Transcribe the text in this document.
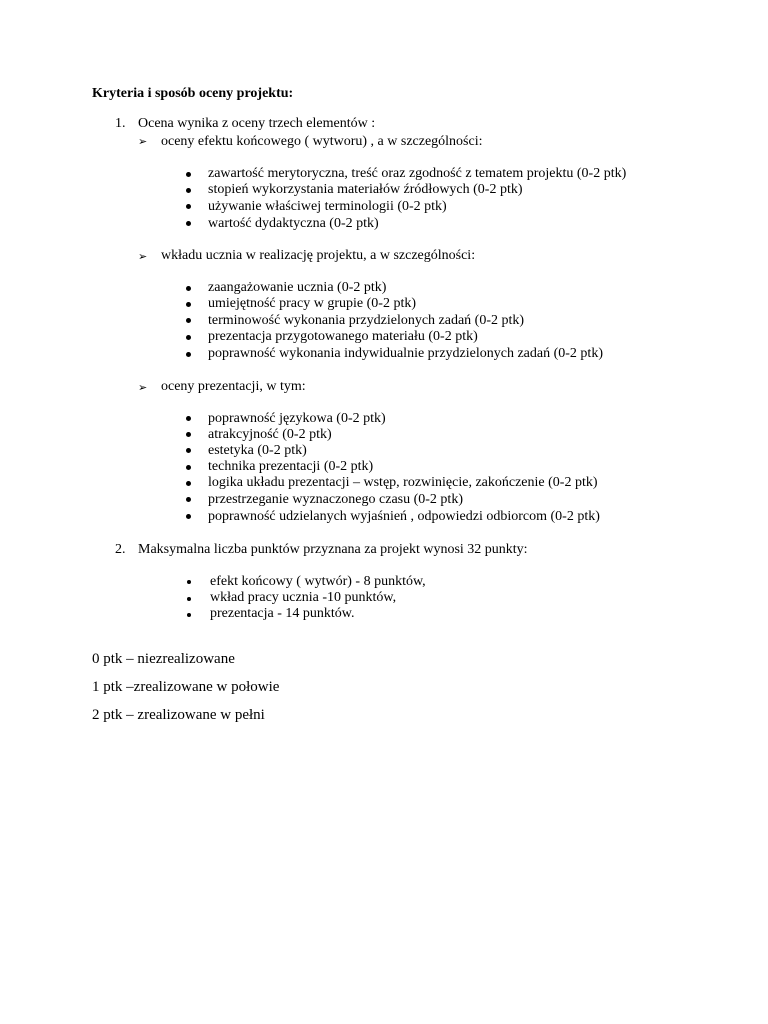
Kryteria i sposób oceny projektu:
1. Ocena wynika z oceny trzech elementów :
➢ oceny efektu końcowego ( wytworu) , a w szczególności:
zawartość merytoryczna, treść oraz zgodność z tematem projektu (0-2 ptk)
stopień wykorzystania materiałów źródłowych (0-2 ptk)
używanie właściwej terminologii (0-2 ptk)
wartość dydaktyczna (0-2 ptk)
➢ wkładu ucznia w realizację projektu, a w szczególności:
zaangażowanie ucznia (0-2 ptk)
umiejętność pracy w grupie (0-2 ptk)
terminowość wykonania przydzielonych zadań (0-2 ptk)
prezentacja przygotowanego materiału (0-2 ptk)
poprawność wykonania indywidualnie przydzielonych zadań (0-2 ptk)
➢ oceny prezentacji, w tym:
poprawność językowa (0-2 ptk)
atrakcyjność (0-2 ptk)
estetyka (0-2 ptk)
technika prezentacji (0-2 ptk)
logika układu prezentacji – wstęp, rozwinięcie, zakończenie (0-2 ptk)
przestrzeganie wyznaczonego czasu (0-2 ptk)
poprawność udzielanych wyjaśnień , odpowiedzi odbiorcom (0-2 ptk)
2. Maksymalna liczba punktów przyznana za projekt wynosi 32 punkty:
efekt końcowy ( wytwór) - 8 punktów,
wkład pracy ucznia -10 punktów,
prezentacja - 14 punktów.
0 ptk – niezrealizowane
1 ptk –zrealizowane w połowie
2 ptk – zrealizowane w pełni
